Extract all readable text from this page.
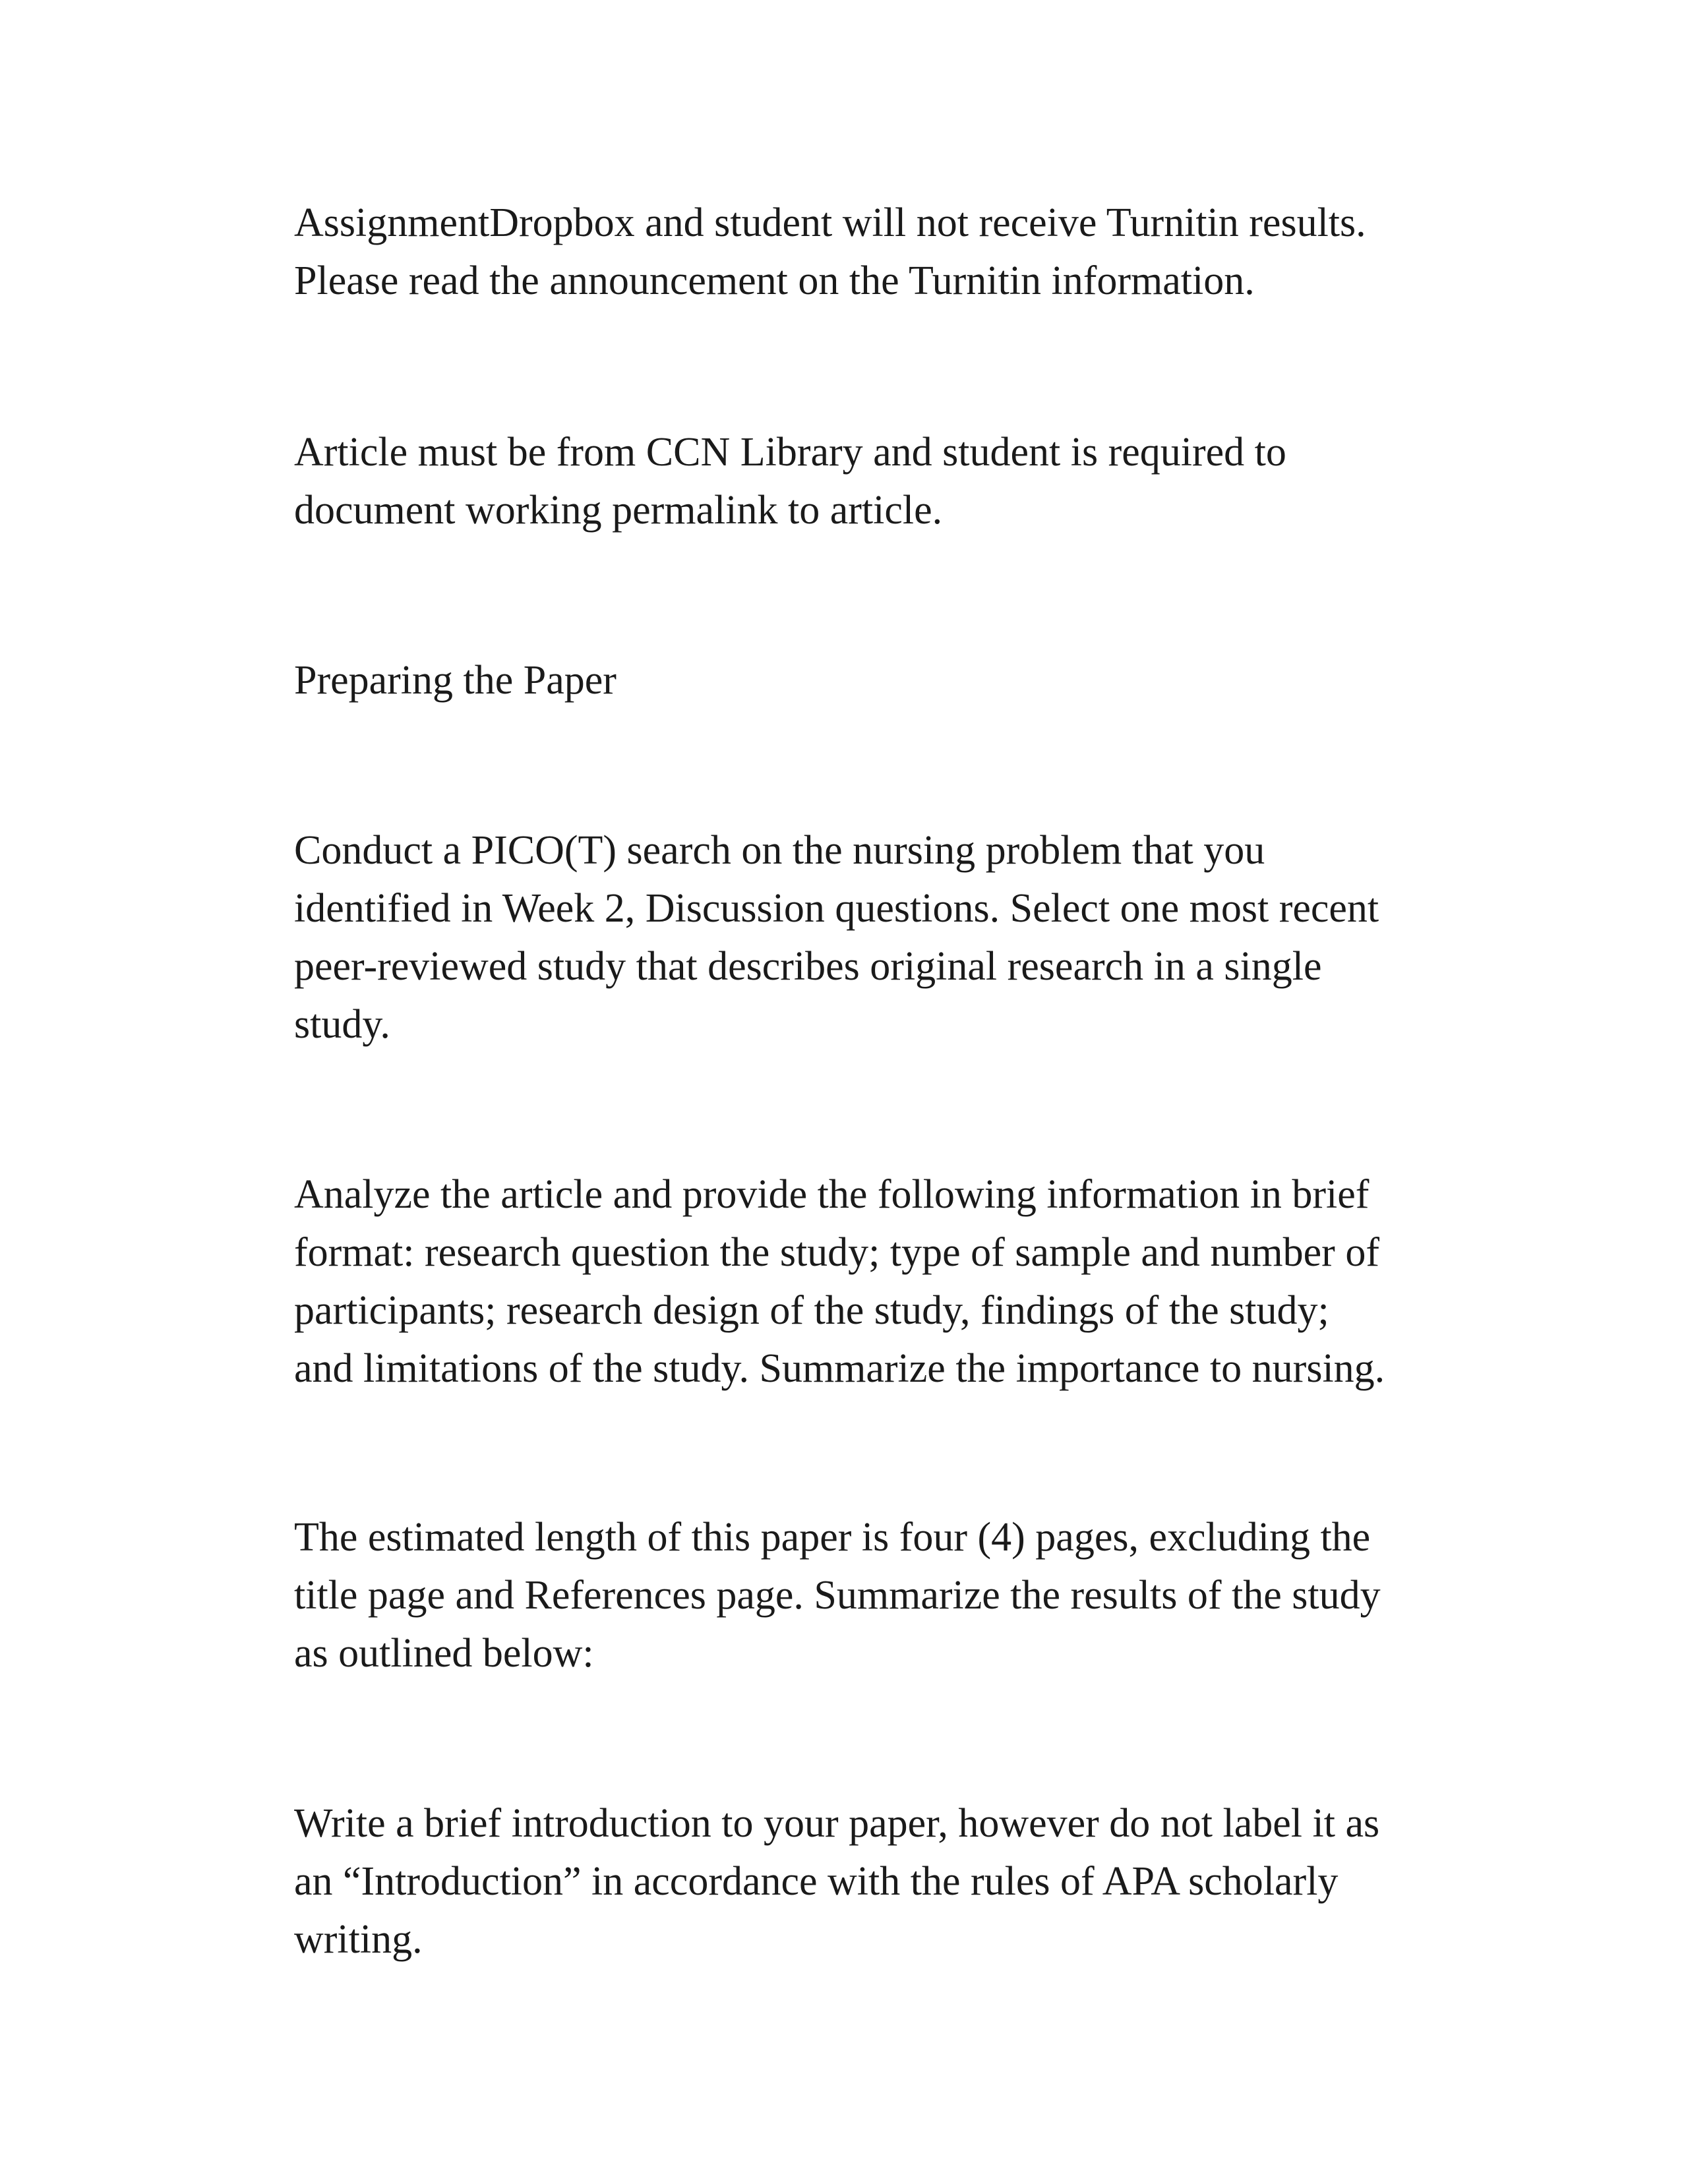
AssignmentDropbox and student will not receive Turnitin results.
Please read the announcement on the Turnitin information.

Article must be from CCN Library and student is required to
document working permalink to article.

Preparing the Paper

Conduct a PICO(T) search on the nursing problem that you
identified in Week 2, Discussion questions. Select one most recent
peer-reviewed study that describes original research in a single
study.

Analyze the article and provide the following information in brief
format: research question the study; type of sample and number of
participants; research design of the study, findings of the study;
and limitations of the study. Summarize the importance to nursing.

The estimated length of this paper is four (4) pages, excluding the
title page and References page. Summarize the results of the study
as outlined below:

Write a brief introduction to your paper, however do not label it as
an “Introduction” in accordance with the rules of APA scholarly
writing.
